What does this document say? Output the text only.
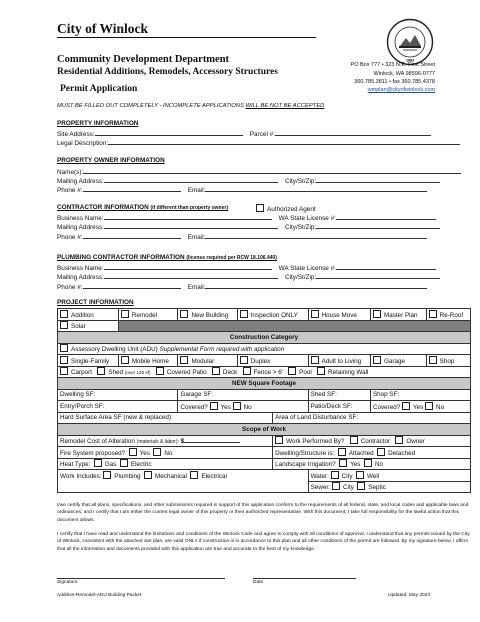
City of Winlock
Community Development Department
Residential Additions, Remodels, Accessory Structures
Permit Application
1883
PO Box 777 • 323 N.E. First Street
Winlock, WA 98596-0777
360.785.3811 • fax 360.785.4378
wmplan@cityofwinlock.com
MUST BE FILLED OUT COMPLETELY - INCOMPLETE APPLICATIONS WILL BE NOT BE ACCEPTED
PROPERTY INFORMATION
Site Address:	Parcel #:
Legal Description:
PROPERTY OWNER INFORMATION
Name(s):
Mailing Address:	City/St/Zip:
Phone #:	Email:
CONTRACTOR INFORMATION (if different than property owner)	Authorized Agent
Business Name:	WA State License #:
Mailing Address:	City/St/Zip:
Phone #:	Email:
PLUMBING CONTRACTOR INFORMATION (license required per RCW 18.106.440)
Business Name:	WA State License #:
Mailing Address:	City/St/Zip:
Phone #:	Email:
PROJECT INFORMATION
Addition	Remodel	New Building	Inspection ONLY		House Move	Master Plan	Re-Roof
Solar							
Construction Category							
Assessory Dwelling Unit (ADU) Supplemental Form required with application							
Single-Family	Mobile Home	Modular	Duplex		Adult to Living	Garage	Shop
Carport Shed (over 120 sf) Covered Patio Deck Fence > 6' Pool Retaining Wall							
NEW Square Footage							
Dwelling SF:		Garage SF:			Shed SF:	Shop SF:	
Entry/Porch SF:		Covered? Yes No			Patio/Deck SF:	Covered? Yes No	
Hard Surface Area SF (new & replaced):				Area of Land Disturbance SF:			
Scope of Work							
Remodel Cost of Alteration (materials & labor): $				Work Performed By? Contractor Owner			
Fire System proposed? Yes No				Dwelling/Structure is: Attached Detached			
Heat Type: Gas Electric				Landscape Irrigation? Yes No			
Work Includes: Plumbing Mechanical Electrical					Water: City Well		
					Sewer: City Septic		
I/we certify that all plans, specifications, and other submissions required in support of this application conform to the requirements of all federal, state, and local codes and applicable laws and ordinances; and I certify that I am either the current legal owner of this property or their authorized representative. With this document, I take full responsibility for the lawful action that this document allows.
I certify that I have read and understand the limitations and conditions of the Winlock Code and agree to comply with all conditions of approval. I understand that any permits issued by the City of Winlock, consistent with the attached site plan, are valid ONLY if construction is in accordance to this plan and all other conditions of the permit are followed. By my signature below, I affirm that all the information and documents provided with this application are true and accurate to the best of my knowledge.
Signature	Date
Addition-Remodel-ADU Building Packet	Updated: May 2023
